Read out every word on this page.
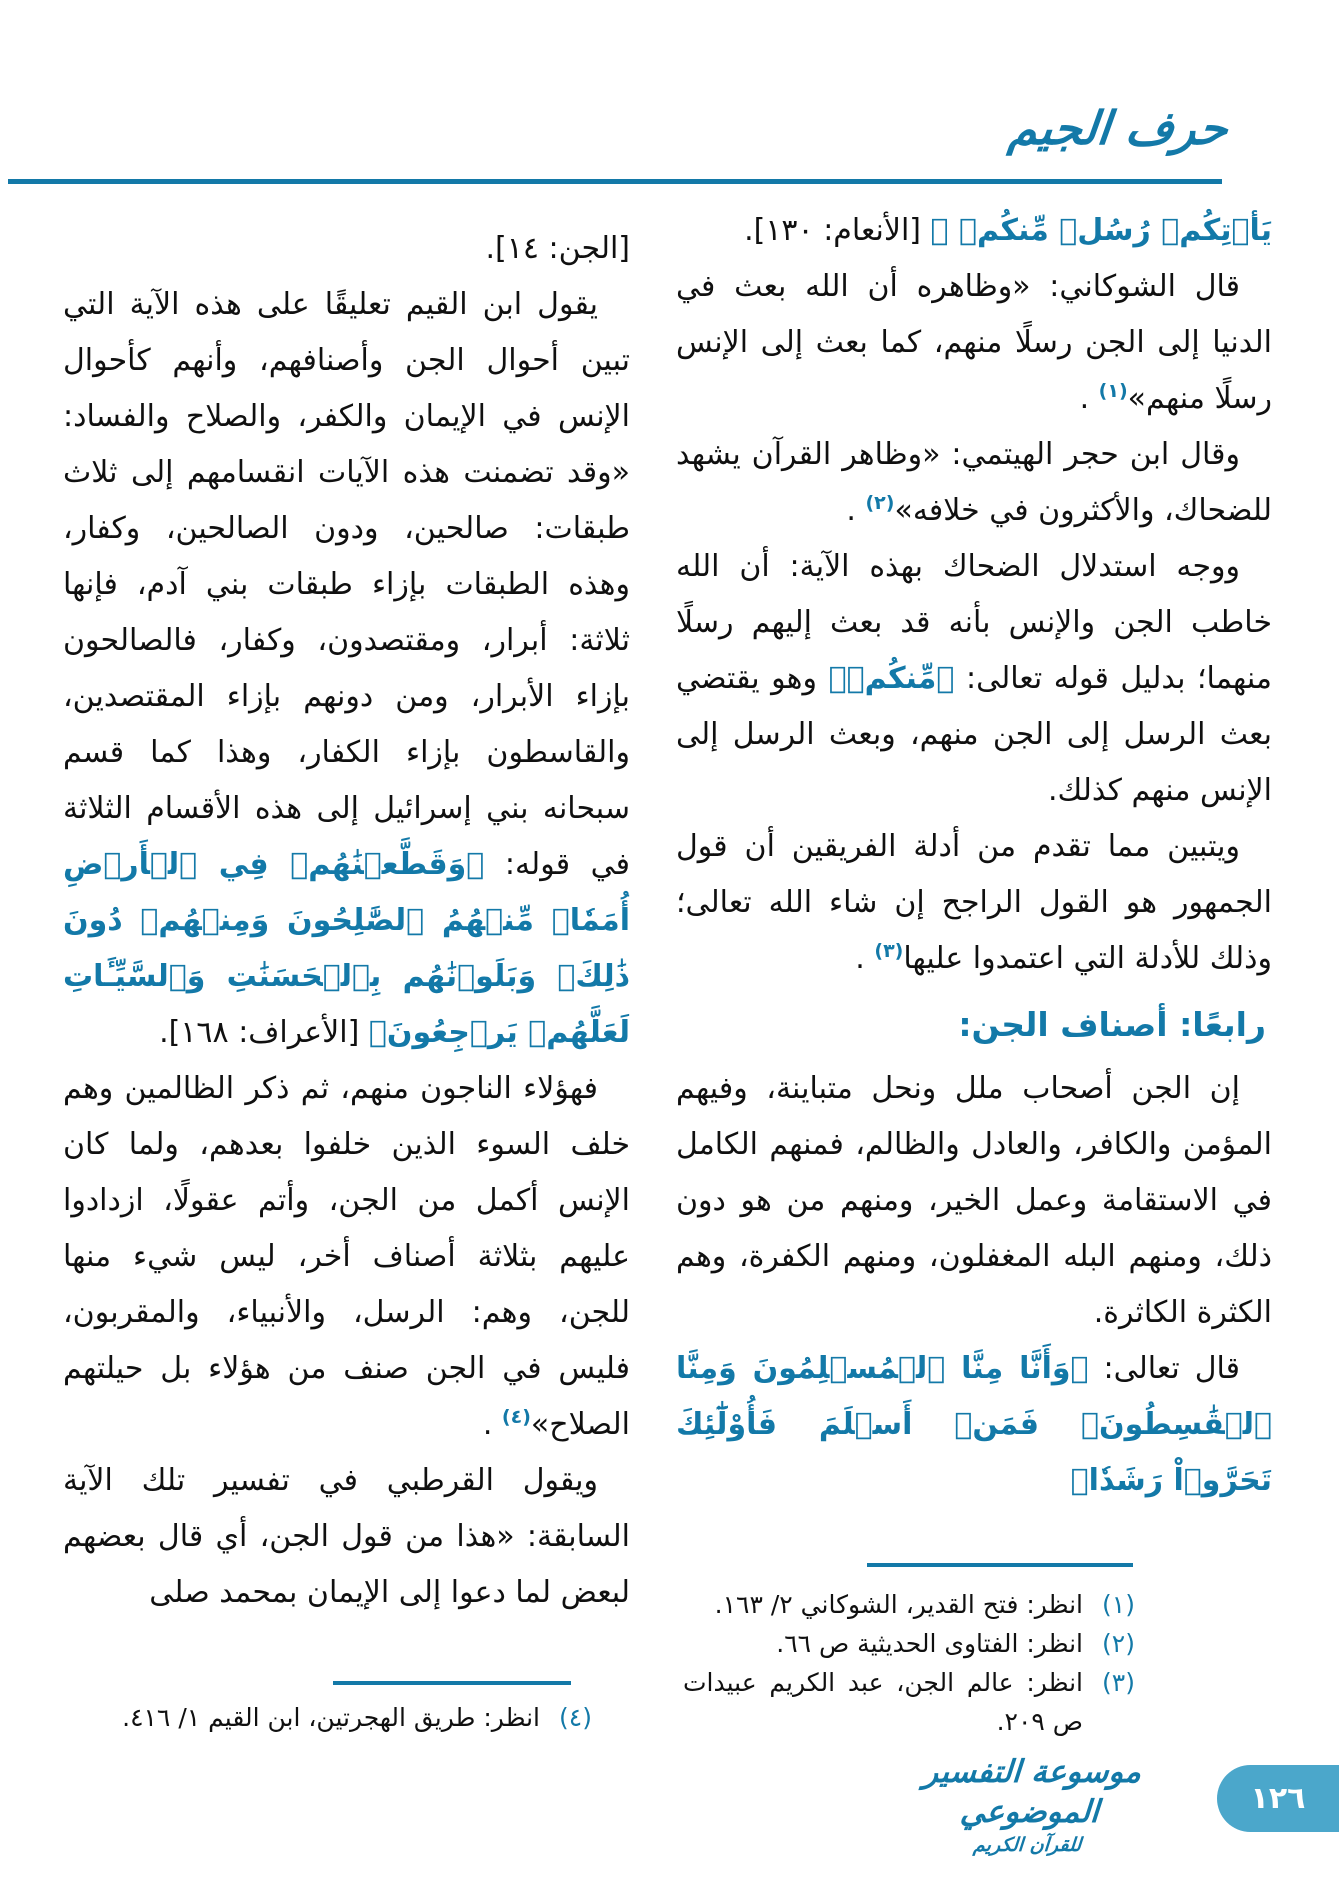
حرف الجيم

يَأۡتِكُمۡ رُسُلٞ مِّنكُمۡ ﴾ [الأنعام: ١٣٠].

قال الشوكاني: «وظاهره أن الله بعث في الدنيا إلى الجن رسلًا منهم، كما بعث إلى الإنس رسلًا منهم»$^{(١)}$ .

وقال ابن حجر الهيتمي: «وظاهر القرآن يشهد للضحاك، والأكثرون في خلافه»$^{(٢)}$ .

ووجه استدلال الضحاك بهذه الآية: أن الله خاطب الجن والإنس بأنه قد بعث إليهم رسلًا منهما؛ بدليل قوله تعالى: ﴿مِّنكُمۡ﴾ وهو يقتضي بعث الرسل إلى الجن منهم، وبعث الرسل إلى الإنس منهم كذلك.

ويتبين مما تقدم من أدلة الفريقين أن قول الجمهور هو القول الراجح إن شاء الله تعالى؛ وذلك للأدلة التي اعتمدوا عليها$^{(٣)}$ .

رابعًا: أصناف الجن:

إن الجن أصحاب ملل ونحل متباينة، وفيهم المؤمن والكافر، والعادل والظالم، فمنهم الكامل في الاستقامة وعمل الخير، ومنهم من هو دون ذلك، ومنهم البله المغفلون، ومنهم الكفرة، وهم الكثرة الكاثرة.

قال تعالى: ﴿وَأَنَّا مِنَّا ٱلۡمُسۡلِمُونَ وَمِنَّا ٱلۡقَٰسِطُونَۖ فَمَنۡ أَسۡلَمَ فَأُوْلَٰٓئِكَ تَحَرَّوۡاْ رَشَدٗا﴾

[الجن: ١٤].

يقول ابن القيم تعليقًا على هذه الآية التي تبين أحوال الجن وأصنافهم، وأنهم كأحوال الإنس في الإيمان والكفر، والصلاح والفساد: «وقد تضمنت هذه الآيات انقسامهم إلى ثلاث طبقات: صالحين، ودون الصالحين، وكفار، وهذه الطبقات بإزاء طبقات بني آدم، فإنها ثلاثة: أبرار، ومقتصدون، وكفار، فالصالحون بإزاء الأبرار، ومن دونهم بإزاء المقتصدين، والقاسطون بإزاء الكفار، وهذا كما قسم سبحانه بني إسرائيل إلى هذه الأقسام الثلاثة في قوله: ﴿وَقَطَّعۡنَٰهُمۡ فِي ٱلۡأَرۡضِ أُمَمٗاۖ مِّنۡهُمُ ٱلصَّٰلِحُونَ وَمِنۡهُمۡ دُونَ ذَٰلِكَۖ وَبَلَوۡنَٰهُم بِٱلۡحَسَنَٰتِ وَٱلسَّيِّـَٔاتِ لَعَلَّهُمۡ يَرۡجِعُونَ﴾ [الأعراف: ١٦٨].

فهؤلاء الناجون منهم، ثم ذكر الظالمين وهم خلف السوء الذين خلفوا بعدهم، ولما كان الإنس أكمل من الجن، وأتم عقولًا، ازدادوا عليهم بثلاثة أصناف أخر، ليس شيء منها للجن، وهم: الرسل، والأنبياء، والمقربون، فليس في الجن صنف من هؤلاء بل حيلتهم الصلاح»$^{(٤)}$ .

ويقول القرطبي في تفسير تلك الآية السابقة: «هذا من قول الجن، أي قال بعضهم لبعض لما دعوا إلى الإيمان بمحمد صلى	(١)
انظر: فتح القدير، الشوكاني ٢/ ١٦٣.
(٢)
انظر: الفتاوى الحديثية ص ٦٦.
(٣)
انظر: عالم الجن، عبد الكريم عبيدات ص ٢٠٩.
(٤)
انظر: طريق الهجرتين، ابن القيم ١/ ٤١٦.
موسوعة التفسير الموضوعي
للقرآن الكريم
١٢٦
